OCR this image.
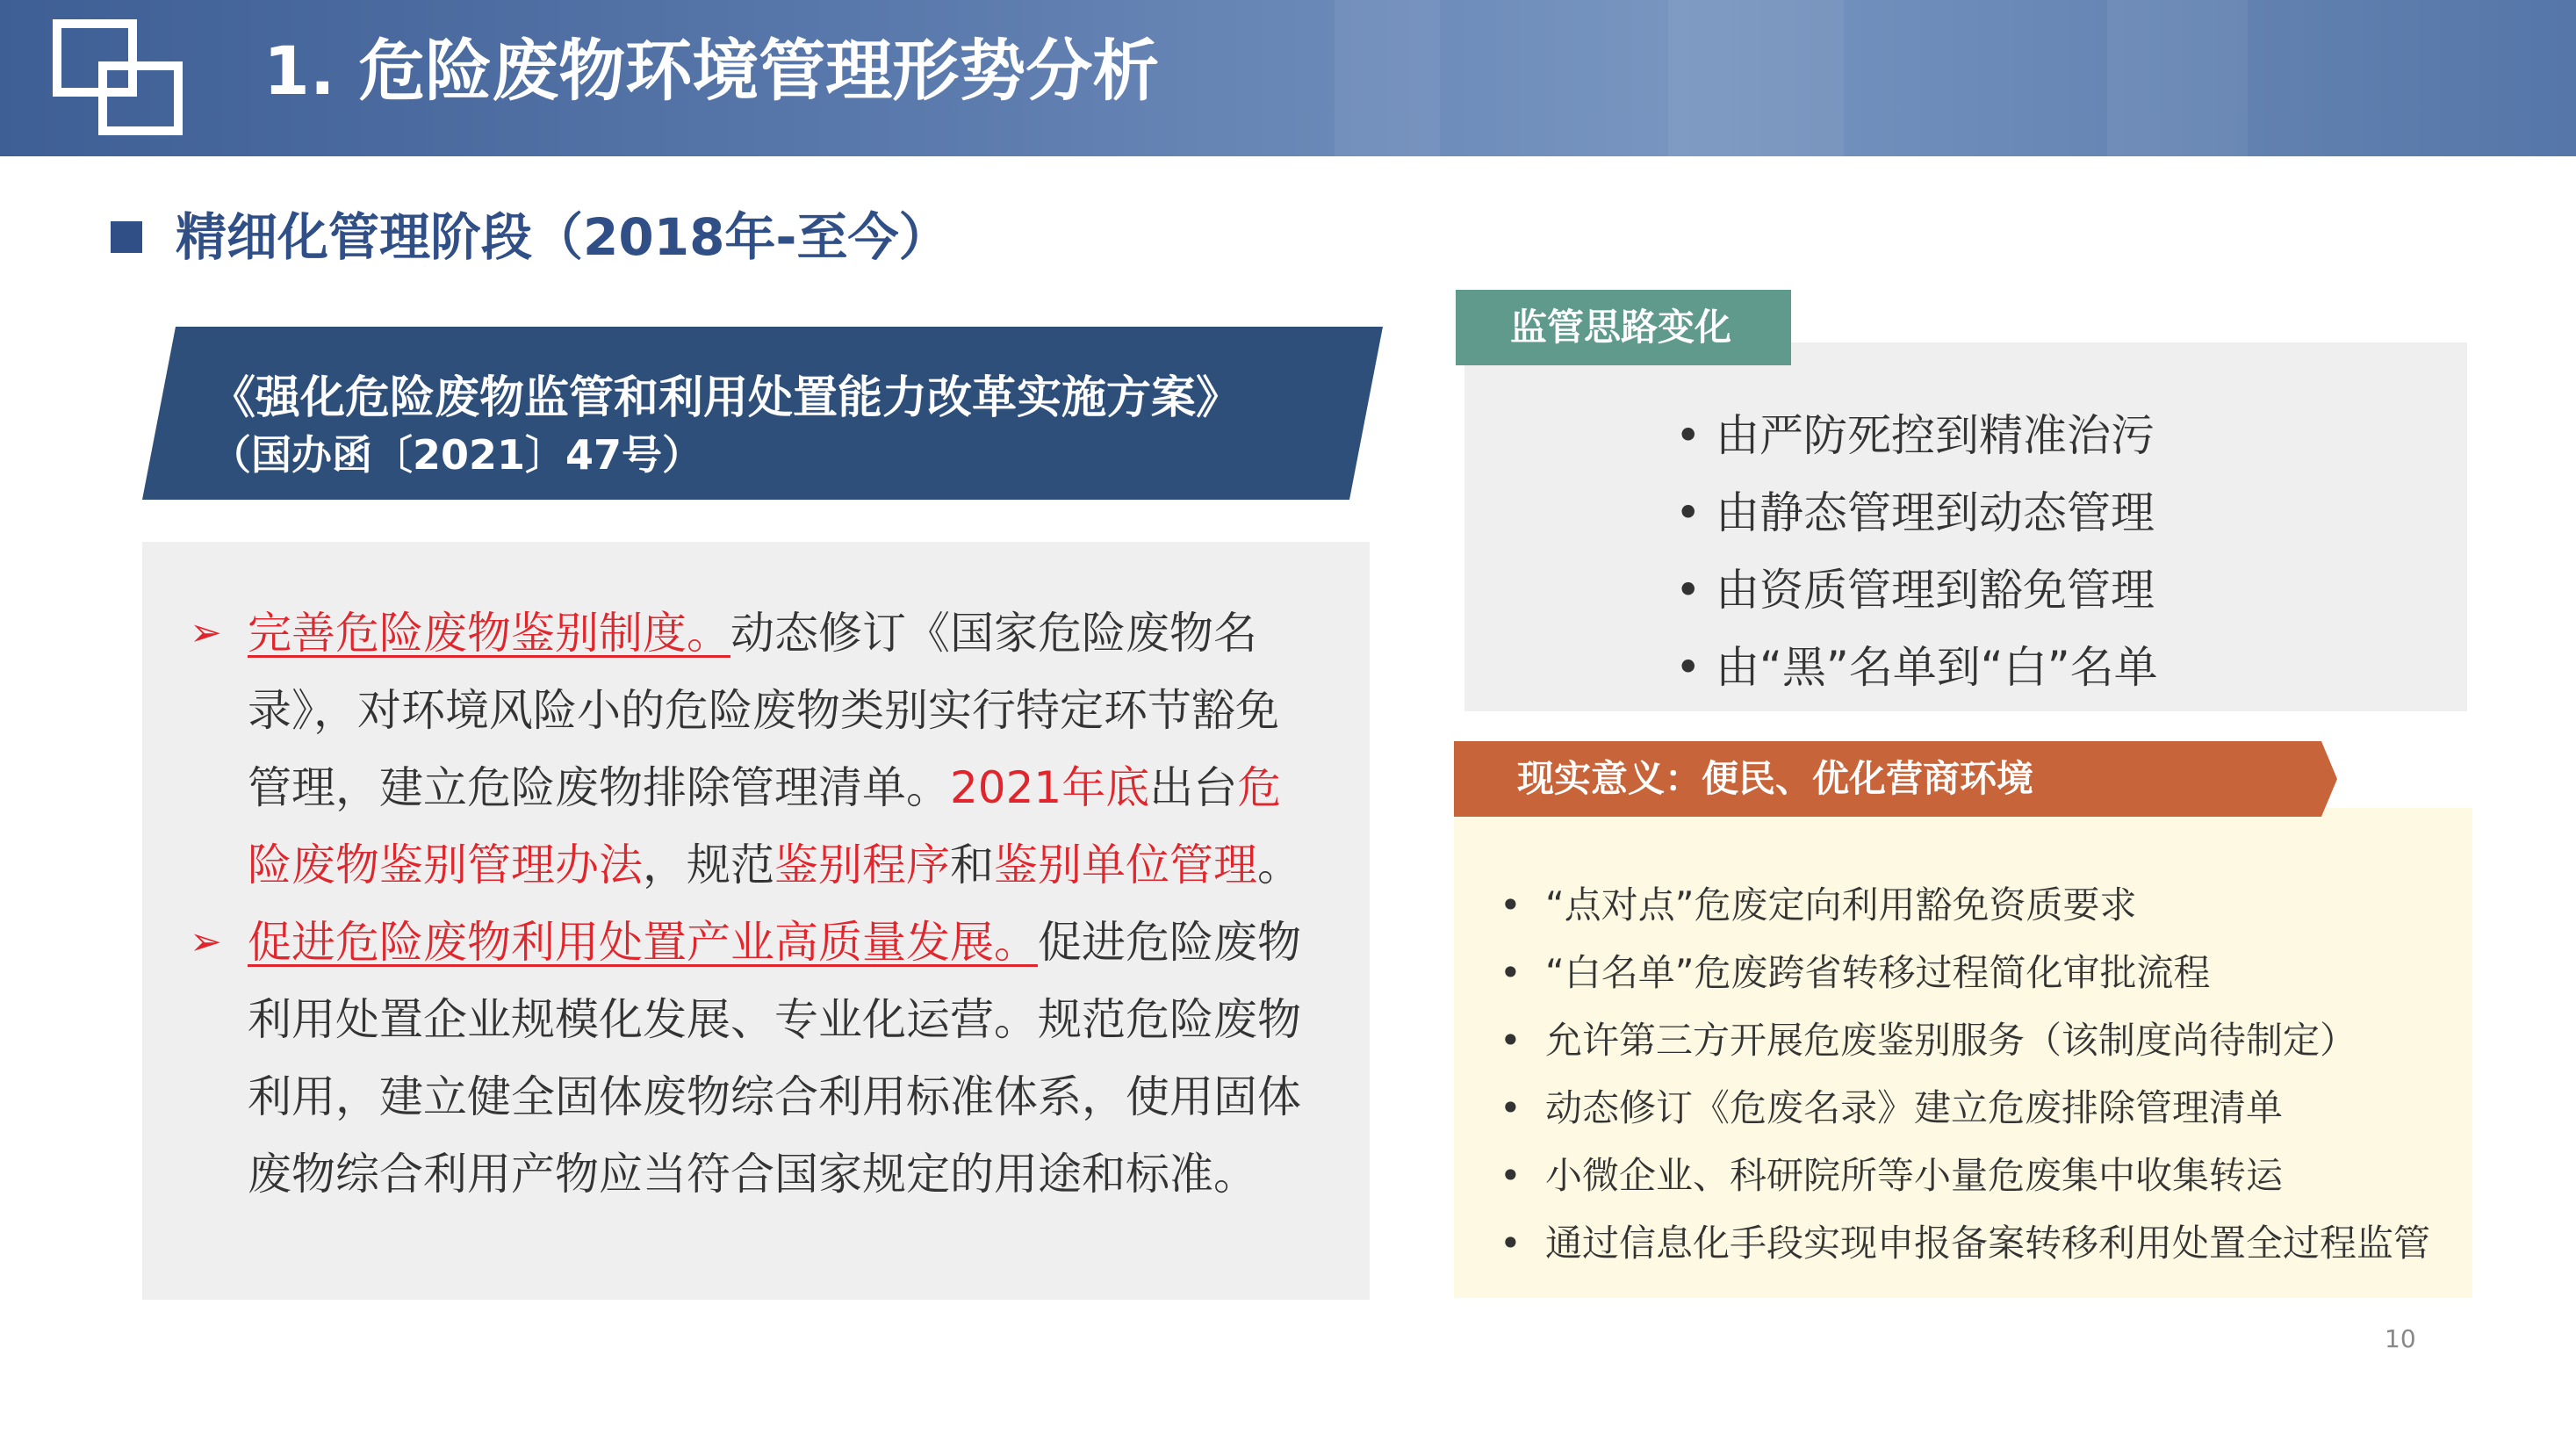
1. 危险废物环境管理形势分析
精细化管理阶段（2018年-至今）
《强化危险废物监管和利用处置能力改革实施方案》
（国办函〔2021〕47号）
➢ 完善危险废物鉴别制度。动态修订《国家危险废物名录》，对环境风险小的危险废物类别实行特定环节豁免管理，建立危险废物排除管理清单。2021年底出台危险废物鉴别管理办法，规范鉴别程序和鉴别单位管理。
➢ 促进危险废物利用处置产业高质量发展。促进危险废物利用处置企业规模化发展、专业化运营。规范危险废物利用，建立健全固体废物综合利用标准体系，使用固体废物综合利用产物应当符合国家规定的用途和标准。
• 由严防死控到精准治污
• 由静态管理到动态管理
• 由资质管理到豁免管理
• 由“黑”名单到“白”名单
监管思路变化
• “点对点”危废定向利用豁免资质要求
• “白名单”危废跨省转移过程简化审批流程
• 允许第三方开展危废鉴别服务（该制度尚待制定）
• 动态修订《危废名录》建立危废排除管理清单
• 小微企业、科研院所等小量危废集中收集转运
• 通过信息化手段实现申报备案转移利用处置全过程监管
现实意义：便民、优化营商环境
10
